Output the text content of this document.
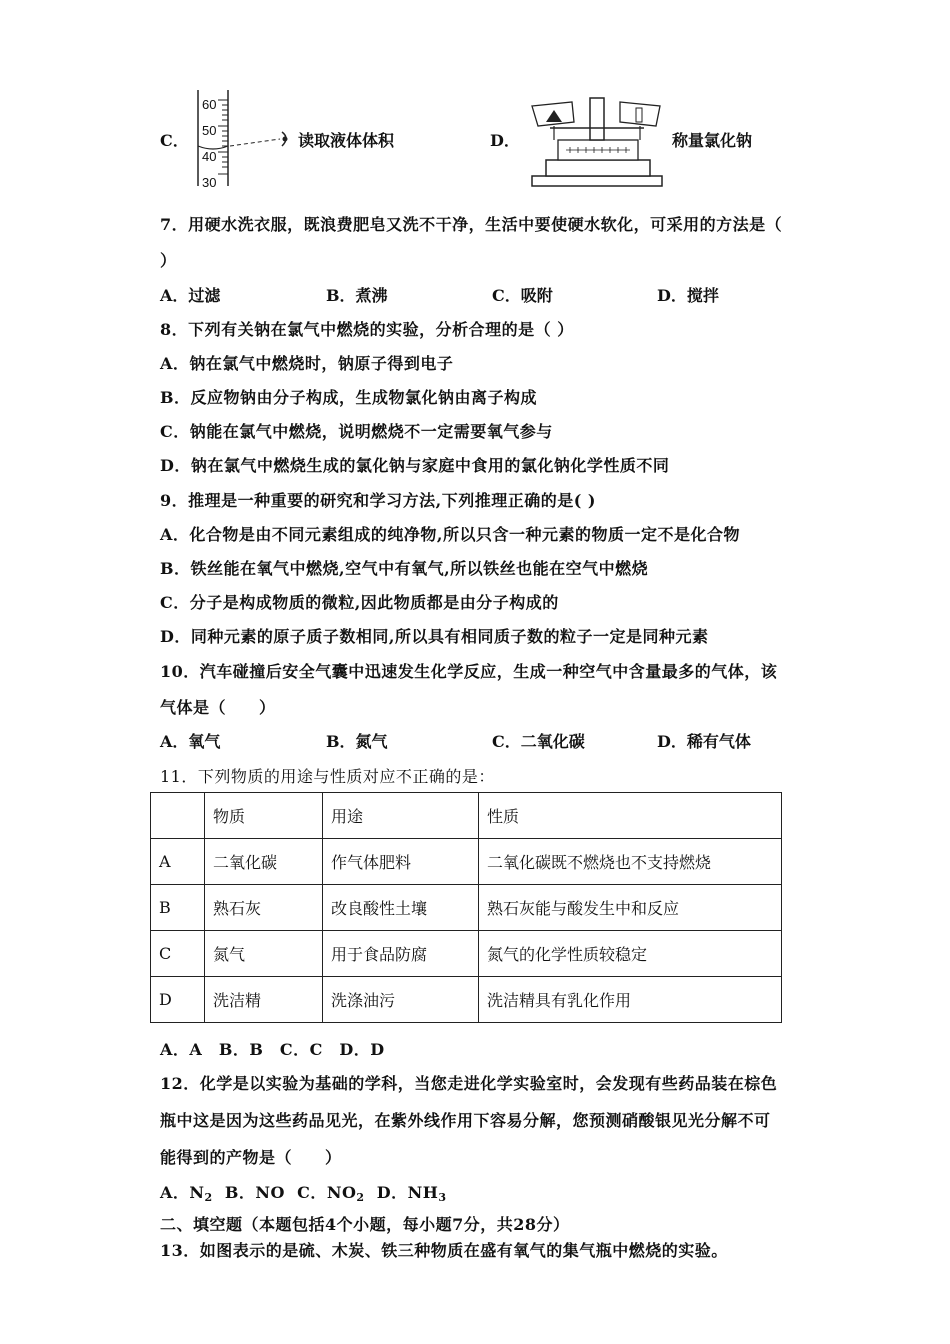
C．
60
50
40
30
读取液体体积	D．	称量氯化钠
7．用硬水洗衣服，既浪费肥皂又洗不干净，生活中要使硬水软化，可采用的方法是（
）
A．过滤	B．煮沸	C．吸附	D．搅拌
8．下列有关钠在氯气中燃烧的实验，分析合理的是（ ）
A．钠在氯气中燃烧时，钠原子得到电子
B．反应物钠由分子构成，生成物氯化钠由离子构成
C．钠能在氯气中燃烧，说明燃烧不一定需要氧气参与
D．钠在氯气中燃烧生成的氯化钠与家庭中食用的氯化钠化学性质不同
9．推理是一种重要的研究和学习方法,下列推理正确的是( )
A．化合物是由不同元素组成的纯净物,所以只含一种元素的物质一定不是化合物
B．铁丝能在氧气中燃烧,空气中有氧气,所以铁丝也能在空气中燃烧
C．分子是构成物质的微粒,因此物质都是由分子构成的
D．同种元素的原子质子数相同,所以具有相同质子数的粒子一定是同种元素
10．汽车碰撞后安全气囊中迅速发生化学反应，生成一种空气中含量最多的气体，该
气体是（　　）
A．氧气	B．氮气	C．二氧化碳	D．稀有气体
11．下列物质的用途与性质对应不正确的是：
	物质	用途	性质
A	二氧化碳	作气体肥料	二氧化碳既不燃烧也不支持燃烧
B	熟石灰	改良酸性土壤	熟石灰能与酸发生中和反应
C	氮气	用于食品防腐	氮气的化学性质较稳定
D	洗洁精	洗涤油污	洗洁精具有乳化作用
A．A　B．B　C．C　D．D
12．化学是以实验为基础的学科，当您走进化学实验室时，会发现有些药品装在棕色
瓶中这是因为这些药品见光，在紫外线作用下容易分解，您预测硝酸银见光分解不可
能得到的产物是（　　）
A．$N_2$ B．NO C．$NO_2$ D．$NH_3$
二、填空题（本题包括4个小题，每小题7分，共28分）
13．如图表示的是硫、木炭、铁三种物质在盛有氧气的集气瓶中燃烧的实验。
